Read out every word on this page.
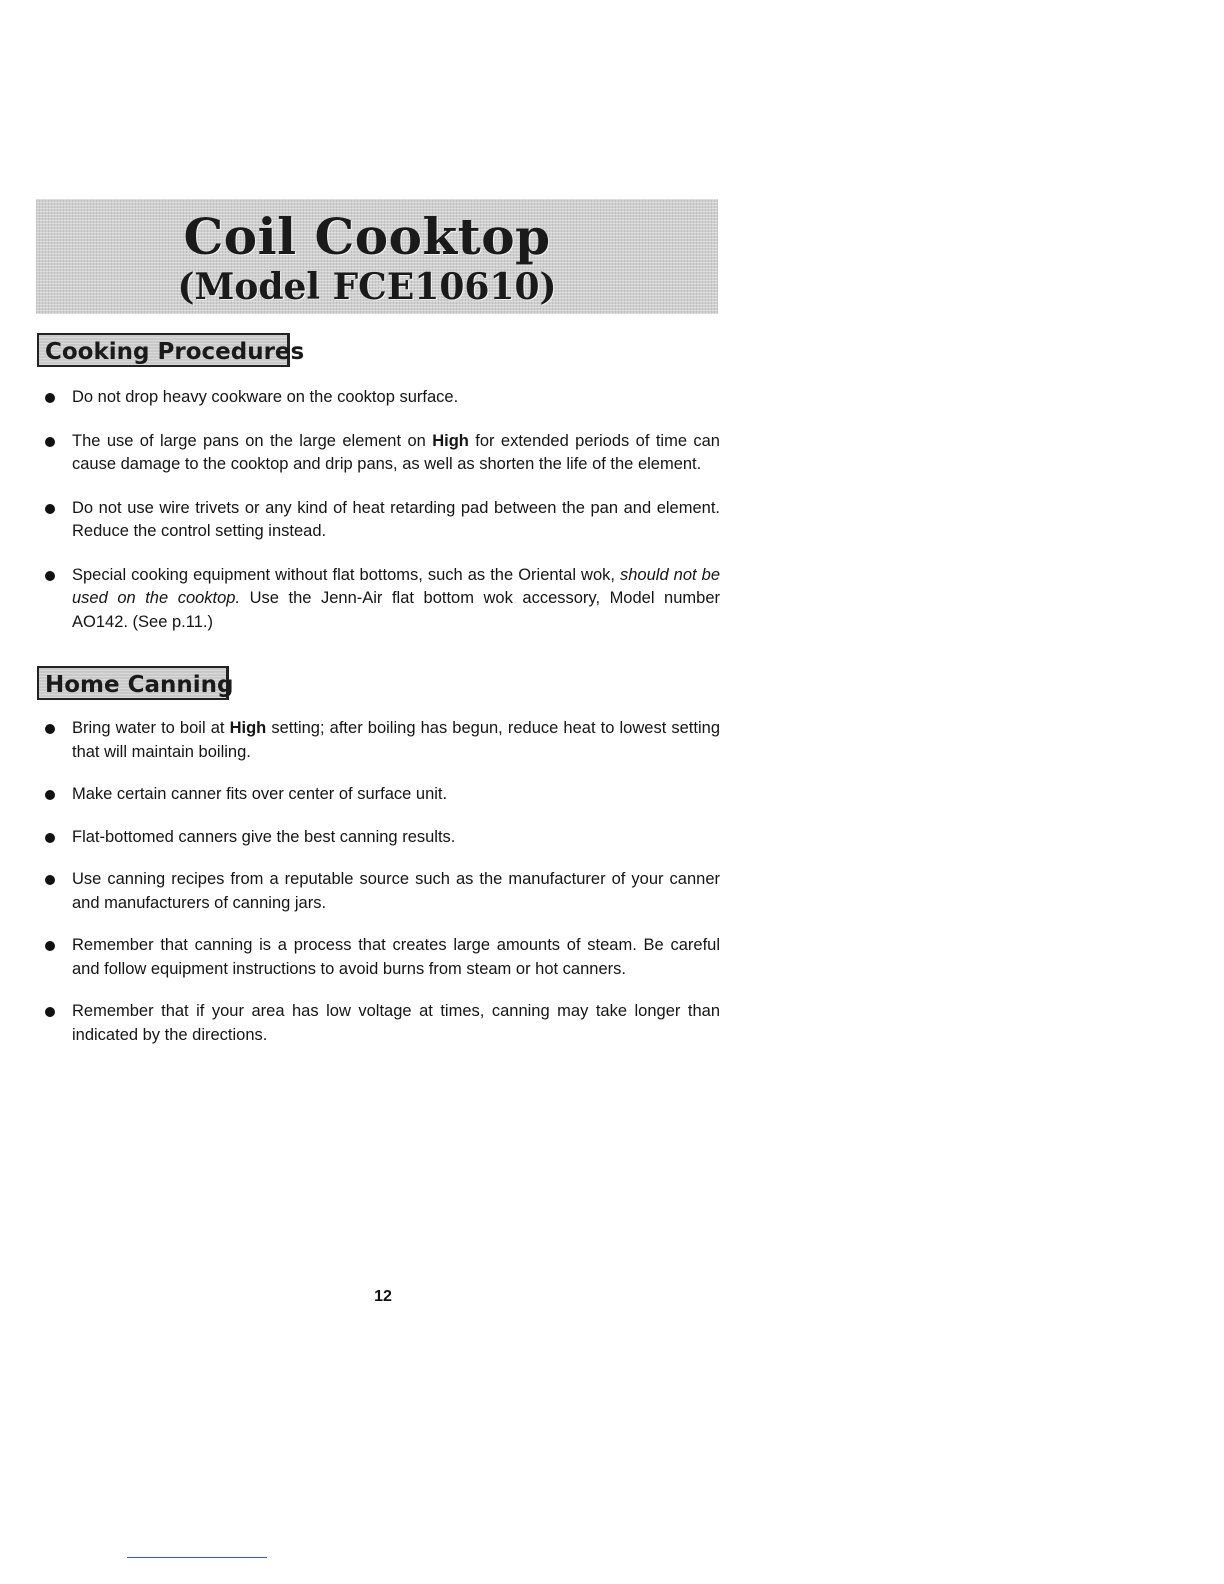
Coil Cooktop
(Model FCE10610)
Cooking Procedures
Do not drop heavy cookware on the cooktop surface.
The use of large pans on the large element on High for extended periods of time can cause damage to the cooktop and drip pans, as well as shorten the life of the element.
Do not use wire trivets or any kind of heat retarding pad between the pan and element. Reduce the control setting instead.
Special cooking equipment without flat bottoms, such as the Oriental wok, should not be used on the cooktop. Use the Jenn-Air flat bottom wok accessory, Model number AO142. (See p.11.)
Home Canning
Bring water to boil at High setting; after boiling has begun, reduce heat to lowest setting that will maintain boiling.
Make certain canner fits over center of surface unit.
Flat-bottomed canners give the best canning results.
Use canning recipes from a reputable source such as the manufacturer of your canner and manufacturers of canning jars.
Remember that canning is a process that creates large amounts of steam. Be careful and follow equipment instructions to avoid burns from steam or hot canners.
Remember that if your area has low voltage at times, canning may take longer than indicated by the directions.
12
